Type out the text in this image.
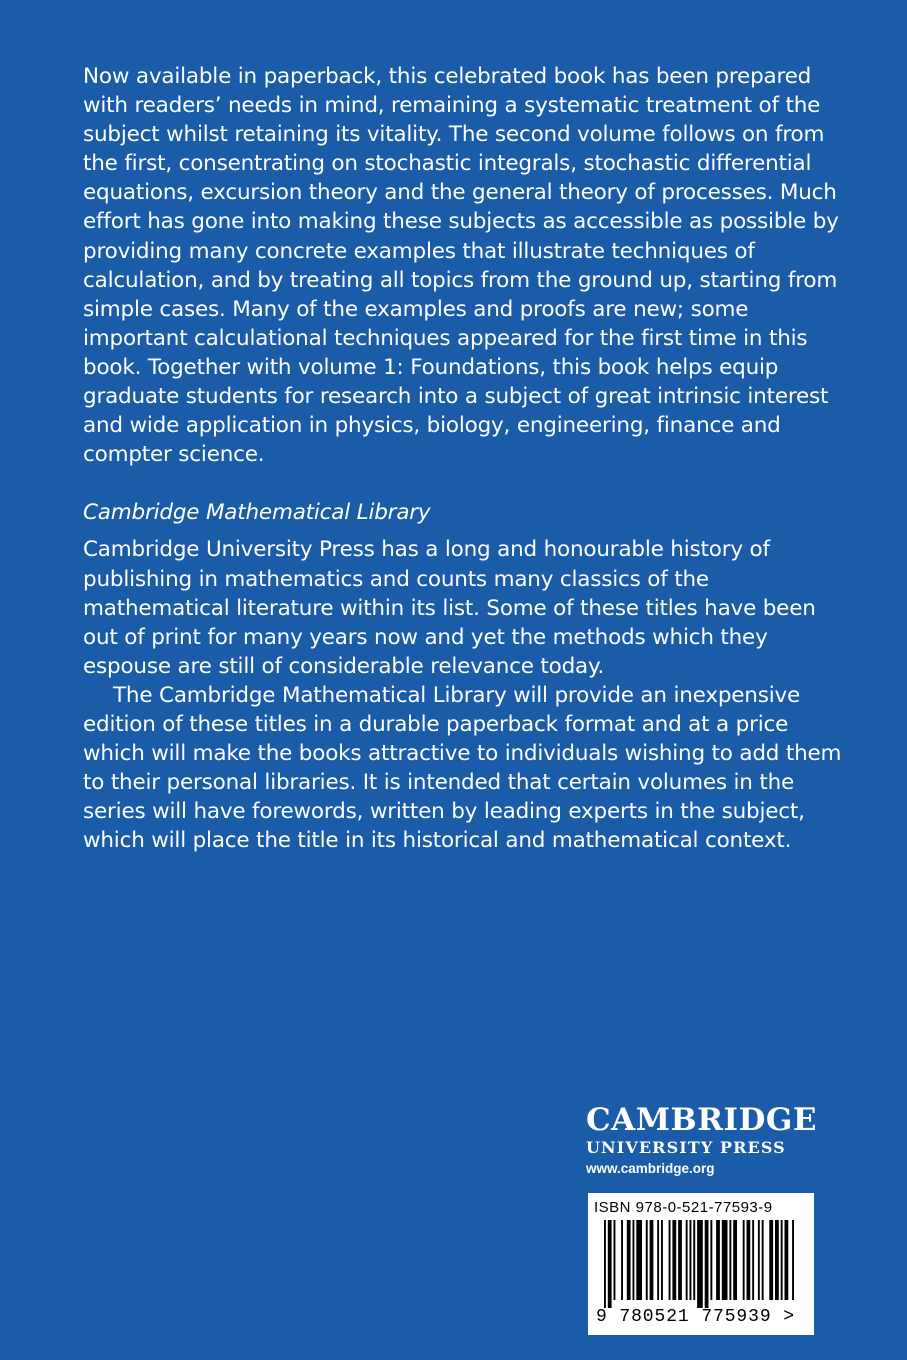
Now available in paperback, this celebrated book has been prepared with readers’ needs in mind, remaining a systematic treatment of the subject whilst retaining its vitality. The second volume follows on from the first, consentrating on stochastic integrals, stochastic differential equations, excursion theory and the general theory of processes. Much effort has gone into making these subjects as accessible as possible by providing many concrete examples that illustrate techniques of calculation, and by treating all topics from the ground up, starting from simple cases. Many of the examples and proofs are new; some important calculational techniques appeared for the first time in this book. Together with volume 1: Foundations, this book helps equip graduate students for research into a subject of great intrinsic interest and wide application in physics, biology, engineering, finance and compter science.

Cambridge Mathematical Library

Cambridge University Press has a long and honourable history of publishing in mathematics and counts many classics of the mathematical literature within its list. Some of these titles have been out of print for many years now and yet the methods which they espouse are still of considerable relevance today.

The Cambridge Mathematical Library will provide an inexpensive edition of these titles in a durable paperback format and at a price which will make the books attractive to individuals wishing to add them to their personal libraries. It is intended that certain volumes in the series will have forewords, written by leading experts in the subject, which will place the title in its historical and mathematical context.

CAMBRIDGE
UNIVERSITY PRESS
www.cambridge.org
ISBN 978-0-521-77593-9
9 780521 775939 >
